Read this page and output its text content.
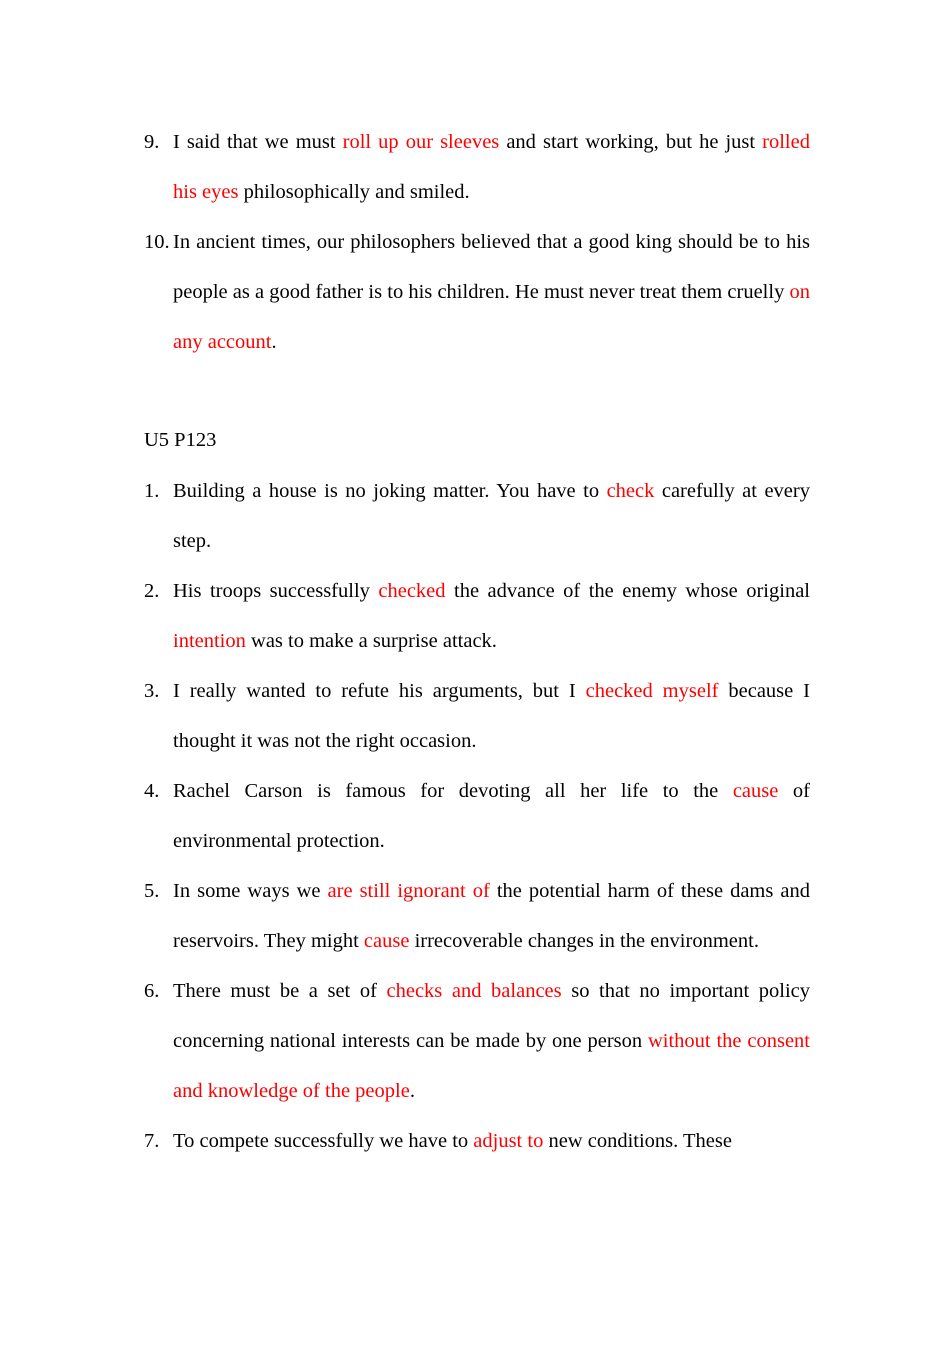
9. I said that we must roll up our sleeves and start working, but he just rolled his eyes philosophically and smiled.
10. In ancient times, our philosophers believed that a good king should be to his people as a good father is to his children. He must never treat them cruelly on any account.
U5 P123
1. Building a house is no joking matter. You have to check carefully at every step.
2. His troops successfully checked the advance of the enemy whose original intention was to make a surprise attack.
3. I really wanted to refute his arguments, but I checked myself because I thought it was not the right occasion.
4. Rachel Carson is famous for devoting all her life to the cause of environmental protection.
5. In some ways we are still ignorant of the potential harm of these dams and reservoirs. They might cause irrecoverable changes in the environment.
6. There must be a set of checks and balances so that no important policy concerning national interests can be made by one person without the consent and knowledge of the people.
7. To compete successfully we have to adjust to new conditions. These
